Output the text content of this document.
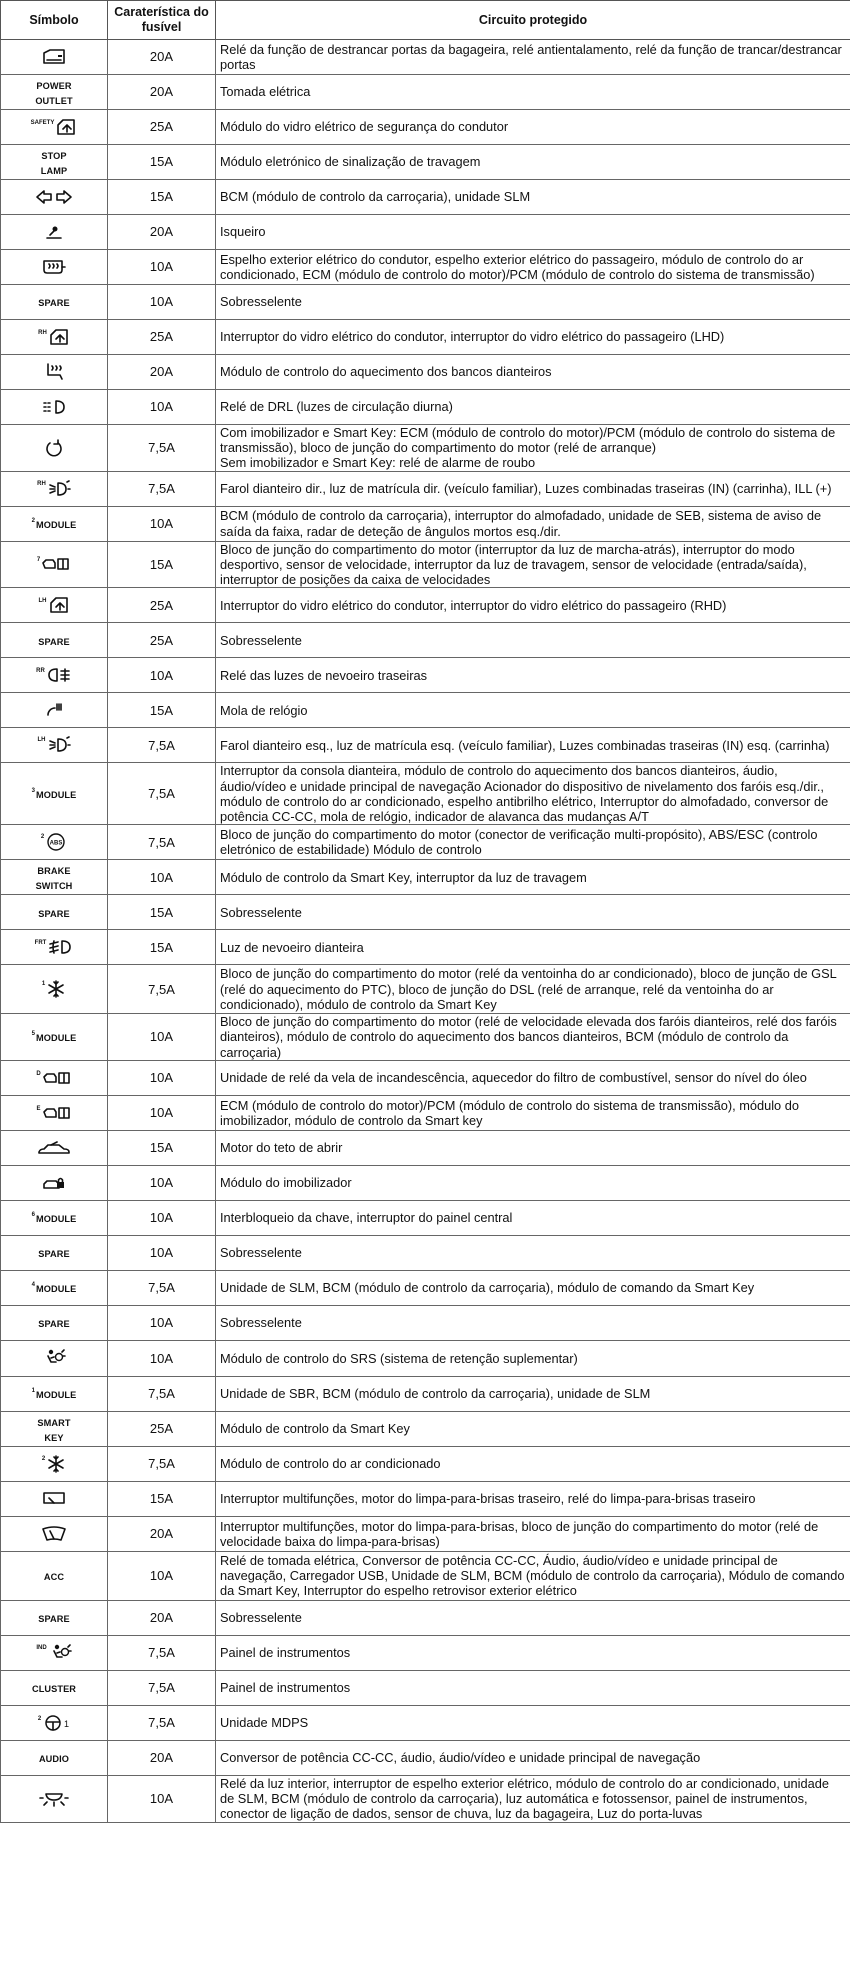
Símbolo	Caraterística do fusível	Circuito protegido
	20A	Relé da função de destrancar portas da bagageira, relé antientalamento, relé da função de trancar/destrancar portas
POWER
OUTLET	20A	Tomada elétrica
$^{SAFETY}$	25A	Módulo do vidro elétrico de segurança do condutor
STOP
LAMP	15A	Módulo eletrónico de sinalização de travagem
	15A	BCM (módulo de controlo da carroçaria), unidade SLM
	20A	Isqueiro
	10A	Espelho exterior elétrico do condutor, espelho exterior elétrico do passageiro, módulo de controlo do ar condicionado, ECM (módulo de controlo do motor)/PCM (módulo de controlo do sistema de transmissão)
SPARE	10A	Sobresselente
$^{RH}$	25A	Interruptor do vidro elétrico do condutor, interruptor do vidro elétrico do passageiro (LHD)
	20A	Módulo de controlo do aquecimento dos bancos dianteiros
	10A	Relé de DRL (luzes de circulação diurna)
	7,5A	Com imobilizador e Smart Key: ECM (módulo de controlo do motor)/PCM (módulo de controlo do sistema de transmissão), bloco de junção do compartimento do motor (relé de arranque)
Sem imobilizador e Smart Key: relé de alarme de roubo
$^{RH}$	7,5A	Farol dianteiro dir., luz de matrícula dir. (veículo familiar), Luzes combinadas traseiras (IN) (carrinha), ILL (+)
$^2$MODULE	10A	BCM (módulo de controlo da carroçaria), interruptor do almofadado, unidade de SEB, sistema de aviso de saída da faixa, radar de deteção de ângulos mortos esq./dir.
$^7$	15A	Bloco de junção do compartimento do motor (interruptor da luz de marcha-atrás), interruptor do modo desportivo, sensor de velocidade, interruptor da luz de travagem, sensor de velocidade (entrada/saída), interruptor de posições da caixa de velocidades
$^{LH}$	25A	Interruptor do vidro elétrico do condutor, interruptor do vidro elétrico do passageiro (RHD)
SPARE	25A	Sobresselente
$^{RR}$	10A	Relé das luzes de nevoeiro traseiras
	15A	Mola de relógio
$^{LH}$	7,5A	Farol dianteiro esq., luz de matrícula esq. (veículo familiar), Luzes combinadas traseiras (IN) esq. (carrinha)
$^3$MODULE	7,5A	Interruptor da consola dianteira, módulo de controlo do aquecimento dos bancos dianteiros, áudio, áudio/vídeo e unidade principal de navegação Acionador do dispositivo de nivelamento dos faróis esq./dir., módulo de controlo do ar condicionado, espelho antibrilho elétrico, Interruptor do almofadado, conversor de potência CC-CC, mola de relógio, indicador de alavanca das mudanças A/T
$^2$
ABS	7,5A	Bloco de junção do compartimento do motor (conector de verificação multi-propósito), ABS/ESC (controlo eletrónico de estabilidade) Módulo de controlo
BRAKE
SWITCH	10A	Módulo de controlo da Smart Key, interruptor da luz de travagem
SPARE	15A	Sobresselente
$^{FRT}$	15A	Luz de nevoeiro dianteira
$^1$	7,5A	Bloco de junção do compartimento do motor (relé da ventoinha do ar condicionado), bloco de junção de GSL (relé do aquecimento do PTC), bloco de junção do DSL (relé de arranque, relé da ventoinha do ar condicionado), módulo de controlo da Smart Key
$^5$MODULE	10A	Bloco de junção do compartimento do motor (relé de velocidade elevada dos faróis dianteiros, relé dos faróis dianteiros), módulo de controlo do aquecimento dos bancos dianteiros, BCM (módulo de controlo da carroçaria)
$^D$	10A	Unidade de relé da vela de incandescência, aquecedor do filtro de combustível, sensor do nível do óleo
$^E$	10A	ECM (módulo de controlo do motor)/PCM (módulo de controlo do sistema de transmissão), módulo do imobilizador, módulo de controlo da Smart key
	15A	Motor do teto de abrir
	10A	Módulo do imobilizador
$^6$MODULE	10A	Interbloqueio da chave, interruptor do painel central
SPARE	10A	Sobresselente
$^4$MODULE	7,5A	Unidade de SLM, BCM (módulo de controlo da carroçaria), módulo de comando da Smart Key
SPARE	10A	Sobresselente
	10A	Módulo de controlo do SRS (sistema de retenção suplementar)
$^1$MODULE	7,5A	Unidade de SBR, BCM (módulo de controlo da carroçaria), unidade de SLM
SMART
KEY	25A	Módulo de controlo da Smart Key
$^2$	7,5A	Módulo de controlo do ar condicionado
	15A	Interruptor multifunções, motor do limpa-para-brisas traseiro, relé do limpa-para-brisas traseiro
	20A	Interruptor multifunções, motor do limpa-para-brisas, bloco de junção do compartimento do motor (relé de velocidade baixa do limpa-para-brisas)
ACC	10A	Relé de tomada elétrica, Conversor de potência CC-CC, Áudio, áudio/vídeo e unidade principal de navegação, Carregador USB, Unidade de SLM, BCM (módulo de controlo da carroçaria), Módulo de comando da Smart Key, Interruptor do espelho retrovisor exterior elétrico
SPARE	20A	Sobresselente
$^{IND}$	7,5A	Painel de instrumentos
CLUSTER	7,5A	Painel de instrumentos
$^2$ 1	7,5A	Unidade MDPS
AUDIO	20A	Conversor de potência CC-CC, áudio, áudio/vídeo e unidade principal de navegação
	10A	Relé da luz interior, interruptor de espelho exterior elétrico, módulo de controlo do ar condicionado, unidade de SLM, BCM (módulo de controlo da carroçaria), luz automática e fotossensor, painel de instrumentos, conector de ligação de dados, sensor de chuva, luz da bagageira, Luz do porta-luvas
